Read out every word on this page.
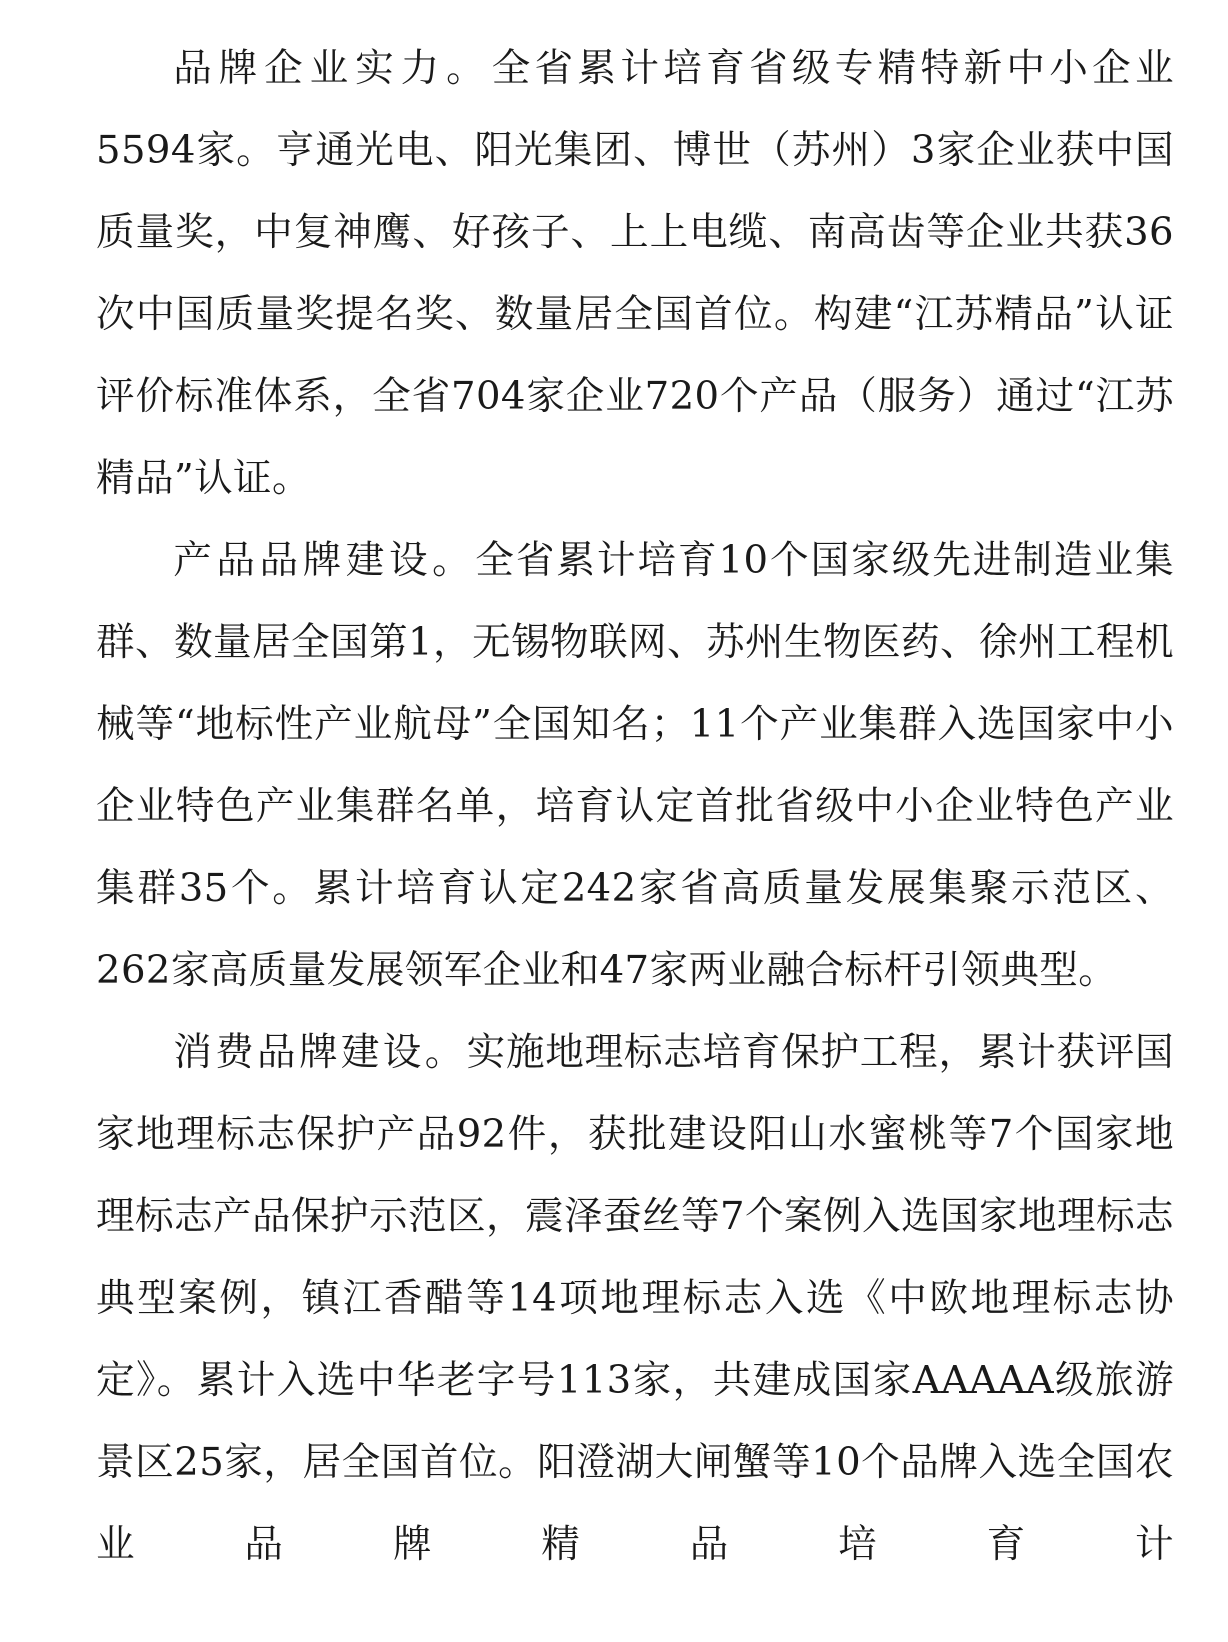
品牌企业实力。全省累计培育省级专精特新中小企业5594家。亨通光电、阳光集团、博世（苏州）3家企业获中国质量奖，中复神鹰、好孩子、上上电缆、南高齿等企业共获36次中国质量奖提名奖、数量居全国首位。构建“江苏精品”认证评价标准体系，全省704家企业720个产品（服务）通过“江苏精品”认证。

产品品牌建设。全省累计培育10个国家级先进制造业集群、数量居全国第1，无锡物联网、苏州生物医药、徐州工程机械等“地标性产业航母”全国知名；11个产业集群入选国家中小企业特色产业集群名单，培育认定首批省级中小企业特色产业集群35个。累计培育认定242家省高质量发展集聚示范区、262家高质量发展领军企业和47家两业融合标杆引领典型。

消费品牌建设。实施地理标志培育保护工程，累计获评国家地理标志保护产品92件，获批建设阳山水蜜桃等7个国家地理标志产品保护示范区，震泽蚕丝等7个案例入选国家地理标志典型案例，镇江香醋等14项地理标志入选《中欧地理标志协定》。累计入选中华老字号113家，共建成国家AAAAA级旅游景区25家，居全国首位。阳澄湖大闸蟹等10个品牌入选全国农业品牌精品培育计
